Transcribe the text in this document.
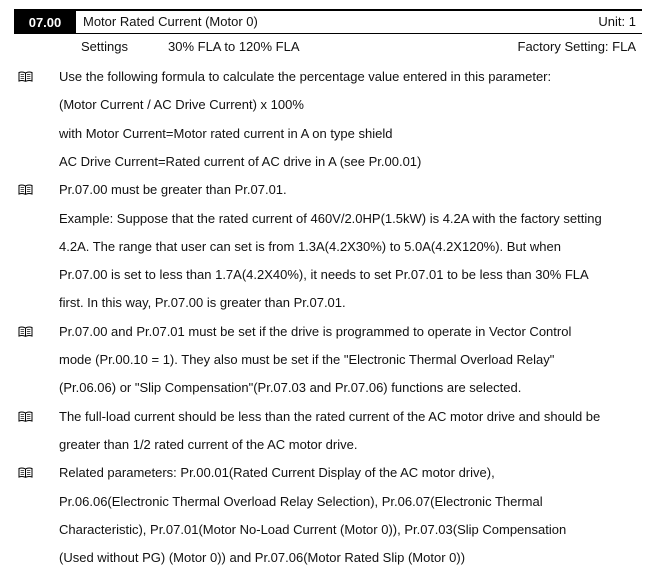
07.00	Motor Rated Current (Motor 0)	Unit: 1
Settings	30% FLA to 120% FLA	Factory Setting: FLA
Use the following formula to calculate the percentage value entered in this parameter:
(Motor Current / AC Drive Current) x 100%
with Motor Current=Motor rated current in A on type shield
AC Drive Current=Rated current of AC drive in A (see Pr.00.01)
Pr.07.00 must be greater than Pr.07.01.
Example: Suppose that the rated current of 460V/2.0HP(1.5kW) is 4.2A with the factory setting
4.2A. The range that user can set is from 1.3A(4.2X30%) to 5.0A(4.2X120%). But when
Pr.07.00 is set to less than 1.7A(4.2X40%), it needs to set Pr.07.01 to be less than 30% FLA
first. In this way, Pr.07.00 is greater than Pr.07.01.
Pr.07.00 and Pr.07.01 must be set if the drive is programmed to operate in Vector Control
mode (Pr.00.10 = 1). They also must be set if the "Electronic Thermal Overload Relay"
(Pr.06.06) or "Slip Compensation"(Pr.07.03 and Pr.07.06) functions are selected.
The full-load current should be less than the rated current of the AC motor drive and should be
greater than 1/2 rated current of the AC motor drive.
Related parameters: Pr.00.01(Rated Current Display of the AC motor drive),
Pr.06.06(Electronic Thermal Overload Relay Selection), Pr.06.07(Electronic Thermal
Characteristic), Pr.07.01(Motor No-Load Current (Motor 0)), Pr.07.03(Slip Compensation
(Used without PG) (Motor 0)) and Pr.07.06(Motor Rated Slip (Motor 0))
